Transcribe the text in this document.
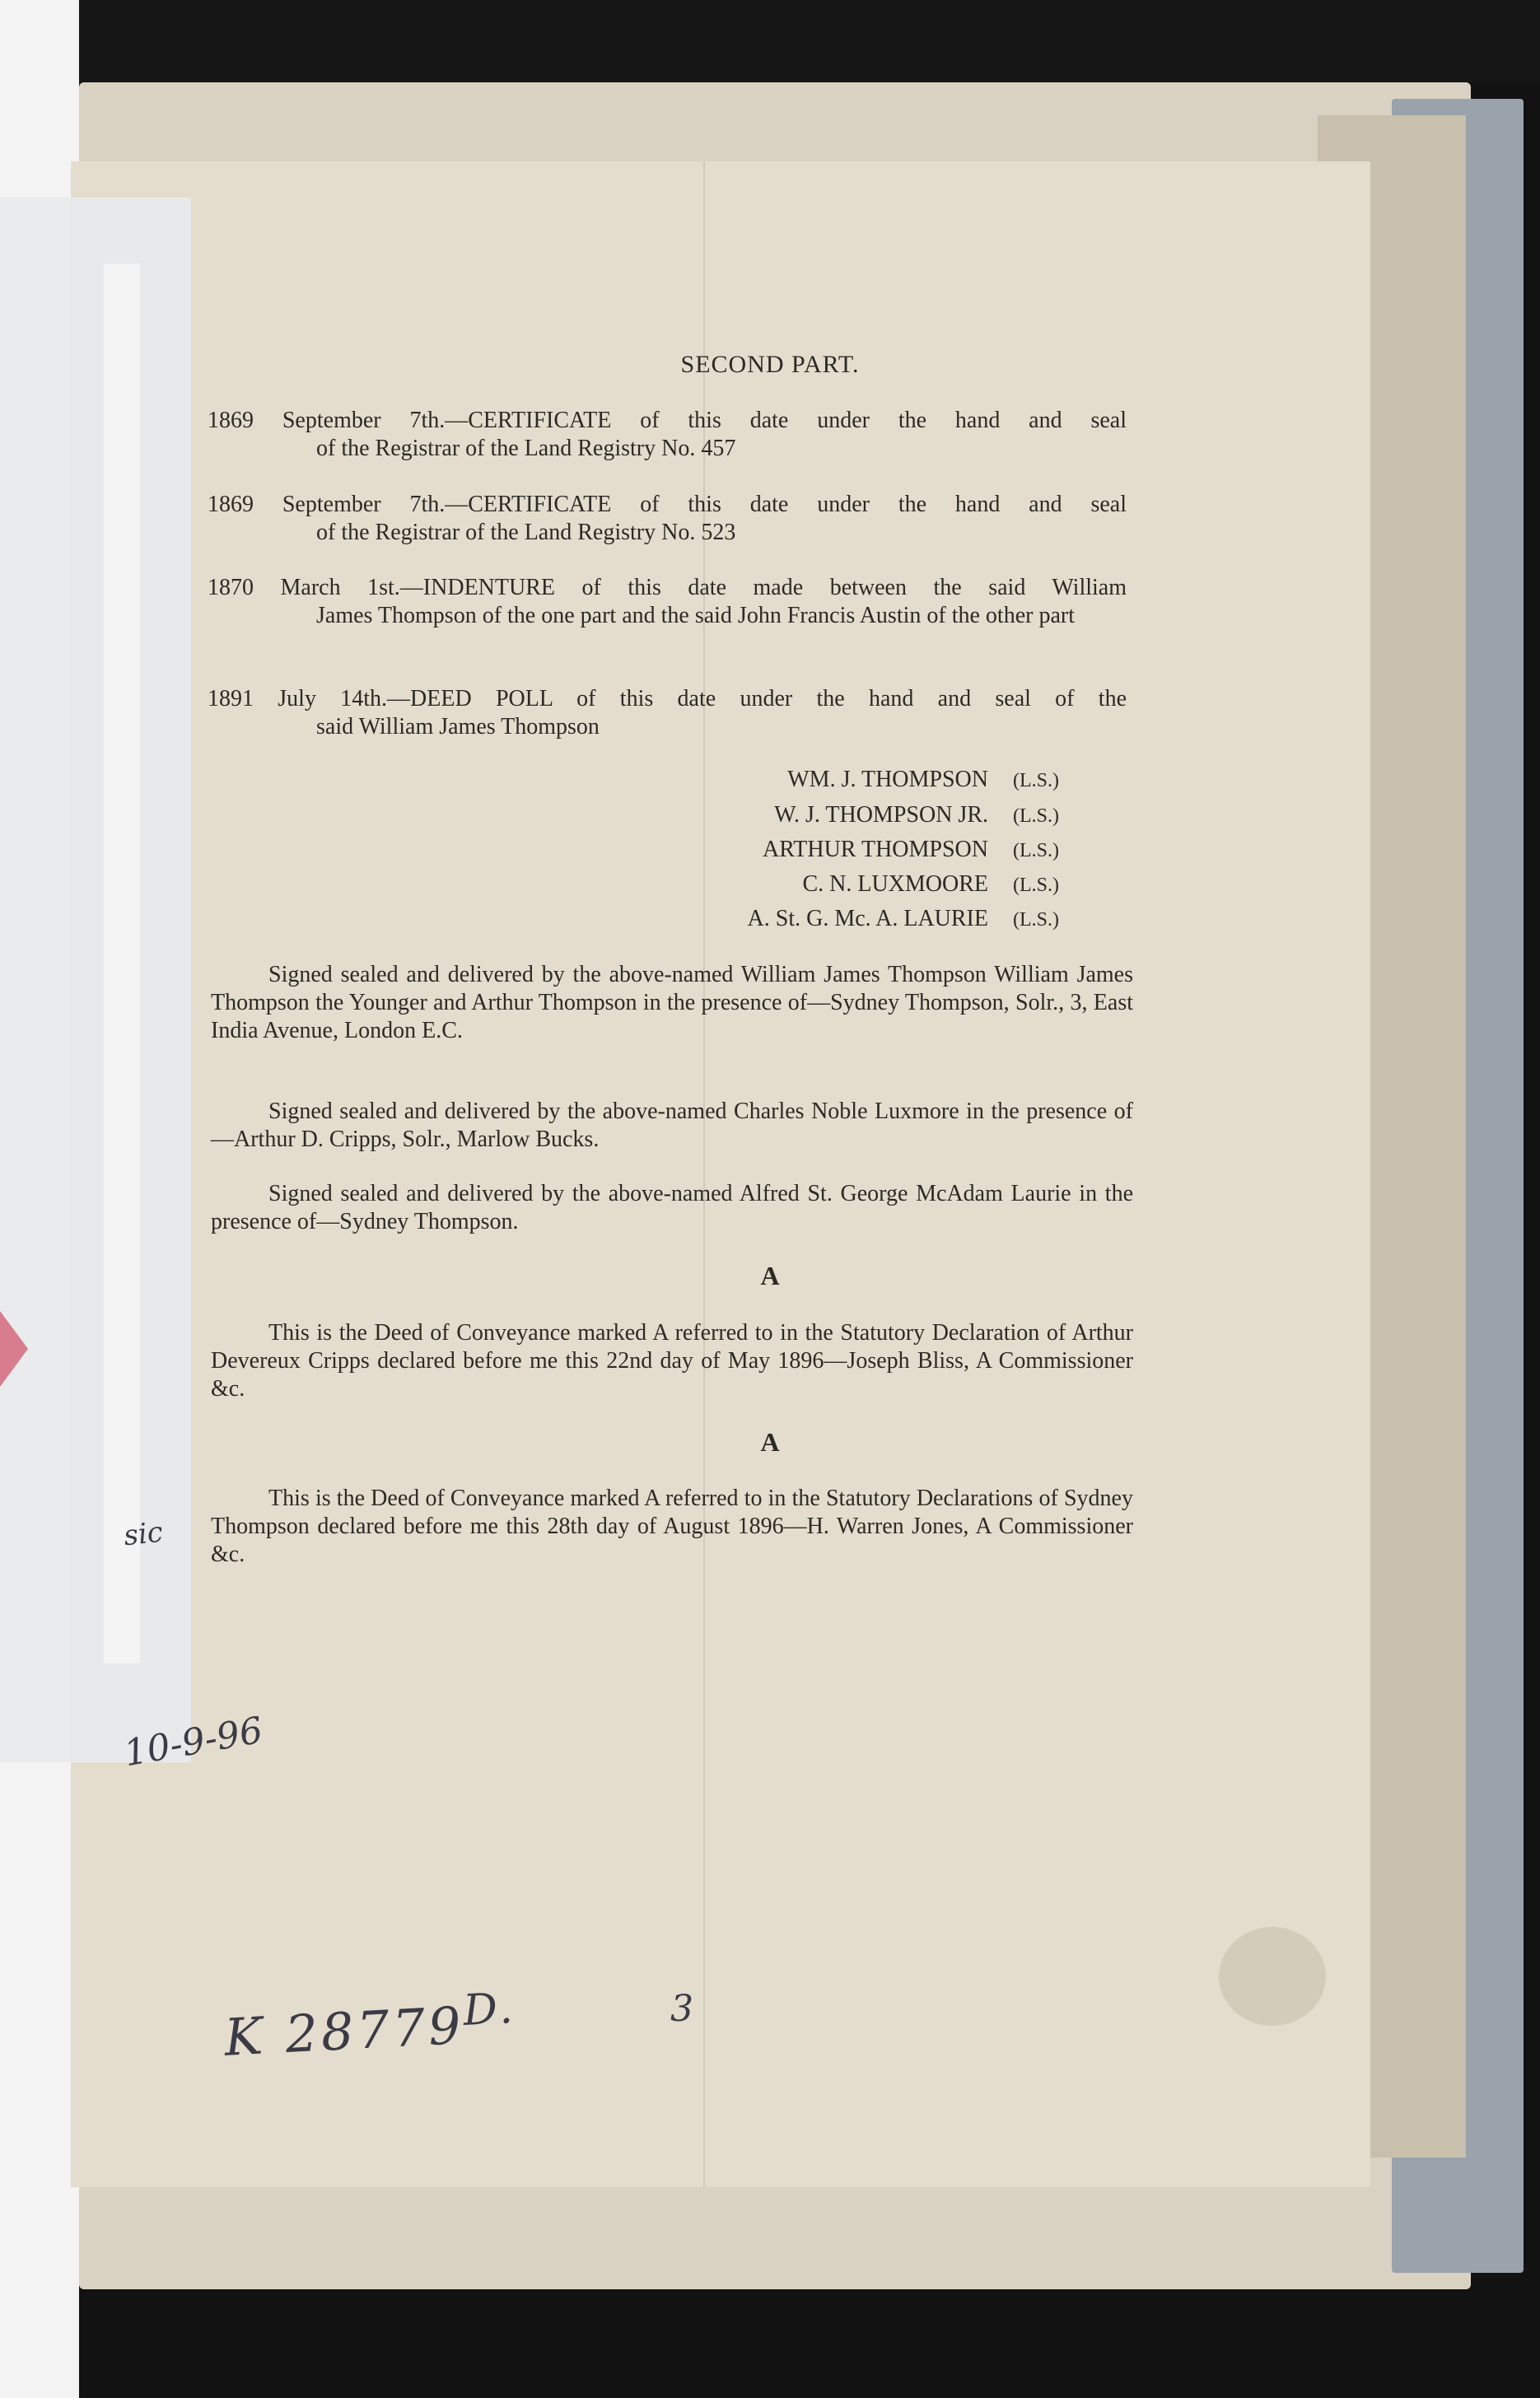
SECOND PART.
1869 September 7th.—CERTIFICATE of this date under the hand and seal
of the Registrar of the Land Registry No. 457
1869 September 7th.—CERTIFICATE of this date under the hand and seal
of the Registrar of the Land Registry No. 523
1870 March 1st.—INDENTURE of this date made between the said William
James Thompson of the one part and the said John Francis Austin of the other part
1891 July 14th.—DEED POLL of this date under the hand and seal of the
said William James Thompson
WM. J. THOMPSON (L.S.)
W. J. THOMPSON JR. (L.S.)
ARTHUR THOMPSON (L.S.)
C. N. LUXMOORE (L.S.)
A. St. G. Mc. A. LAURIE (L.S.)
Signed sealed and delivered by the above-named William James Thompson William James Thompson the Younger and Arthur Thompson in the presence of—Sydney Thompson, Solr., 3, East India Avenue, London E.C.
Signed sealed and delivered by the above-named Charles Noble Luxmore in the presence of—Arthur D. Cripps, Solr., Marlow Bucks.
Signed sealed and delivered by the above-named Alfred St. George McAdam Laurie in the presence of—Sydney Thompson.
A
This is the Deed of Conveyance marked A referred to in the Statutory Declaration of Arthur Devereux Cripps declared before me this 22nd day of May 1896—Joseph Bliss, A Commissioner &c.
A
This is the Deed of Conveyance marked A referred to in the Statutory Declarations of Sydney Thompson declared before me this 28th day of August 1896—H. Warren Jones, A Commissioner &c.
K $28779^{D.}$	3
sic
10-9-96
